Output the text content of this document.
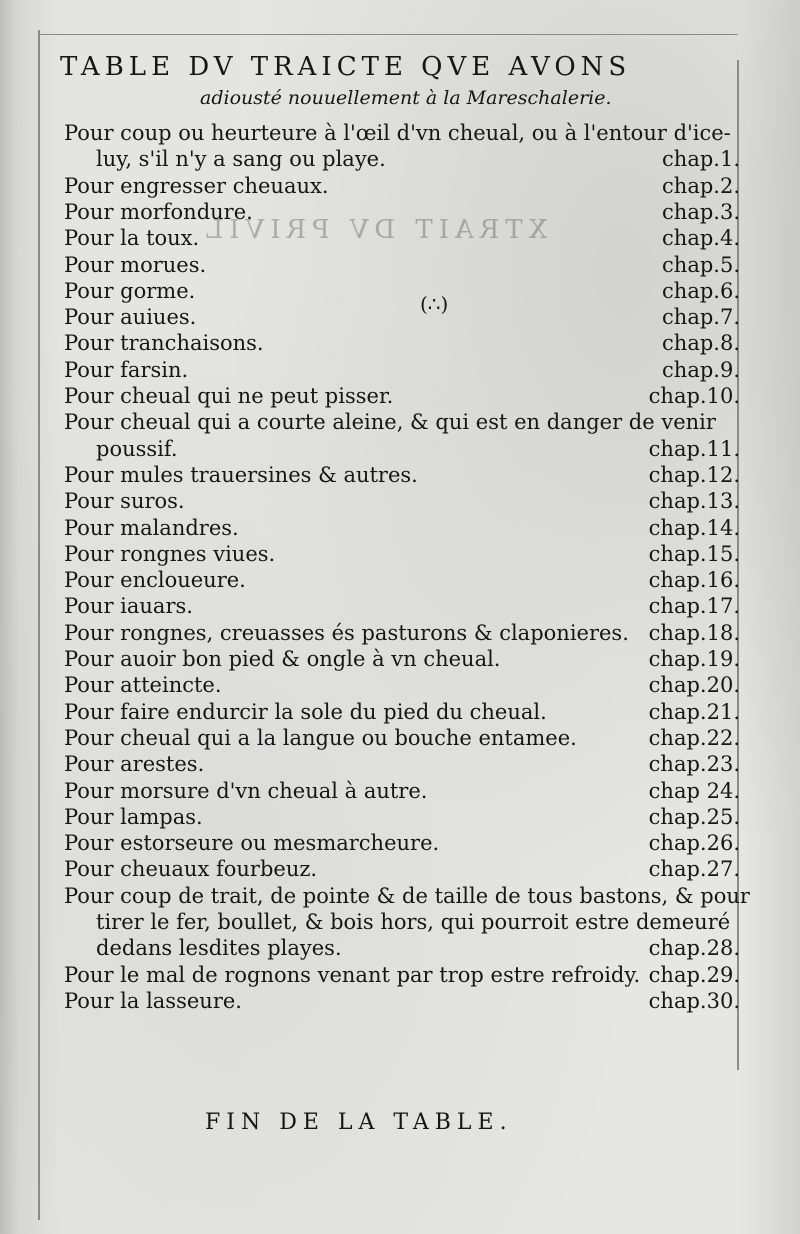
XTRAIT DV PRIVIL
TABLE DV TRAICTE QVE AVONS
adiousté nouuellement à la Mareschalerie.
Pour coup ou heurteure à l'œil d'vn cheual, ou à l'entour d'ice-
luy, s'il n'y a sang ou playe.	chap.1.
Pour engresser cheuaux.	chap.2.
Pour morfondure.	chap.3.
Pour la toux.	chap.4.
Pour morues.	chap.5.
Pour gorme.	chap.6.
Pour auiues.	chap.7.
Pour tranchaisons.	chap.8.
Pour farsin.	chap.9.
Pour cheual qui ne peut pisser.	chap.10.
Pour cheual qui a courte aleine, & qui est en danger de venir
poussif.	chap.11.
Pour mules trauersines & autres.	chap.12.
Pour suros.	chap.13.
Pour malandres.	chap.14.
Pour rongnes viues.	chap.15.
Pour encloueure.	chap.16.
Pour iauars.	chap.17.
Pour rongnes, creuasses és pasturons & claponieres. chap.18.
Pour auoir bon pied & ongle à vn cheual.	chap.19.
Pour atteincte.	chap.20.
Pour faire endurcir la sole du pied du cheual.	chap.21.
Pour cheual qui a la langue ou bouche entamee.	chap.22.
Pour arestes.	chap.23.
Pour morsure d'vn cheual à autre.	chap 24.
Pour lampas.	chap.25.
Pour estorseure ou mesmarcheure.	chap.26.
Pour cheuaux fourbeuz.	chap.27.
Pour coup de trait, de pointe & de taille de tous bastons, & pour
tirer le fer, boullet, & bois hors, qui pourroit estre demeuré
dedans lesdites playes.	chap.28.
Pour le mal de rognons venant par trop estre refroidy. chap.29.
Pour la lasseure.	chap.30.
(∴)
FIN DE LA TABLE.
